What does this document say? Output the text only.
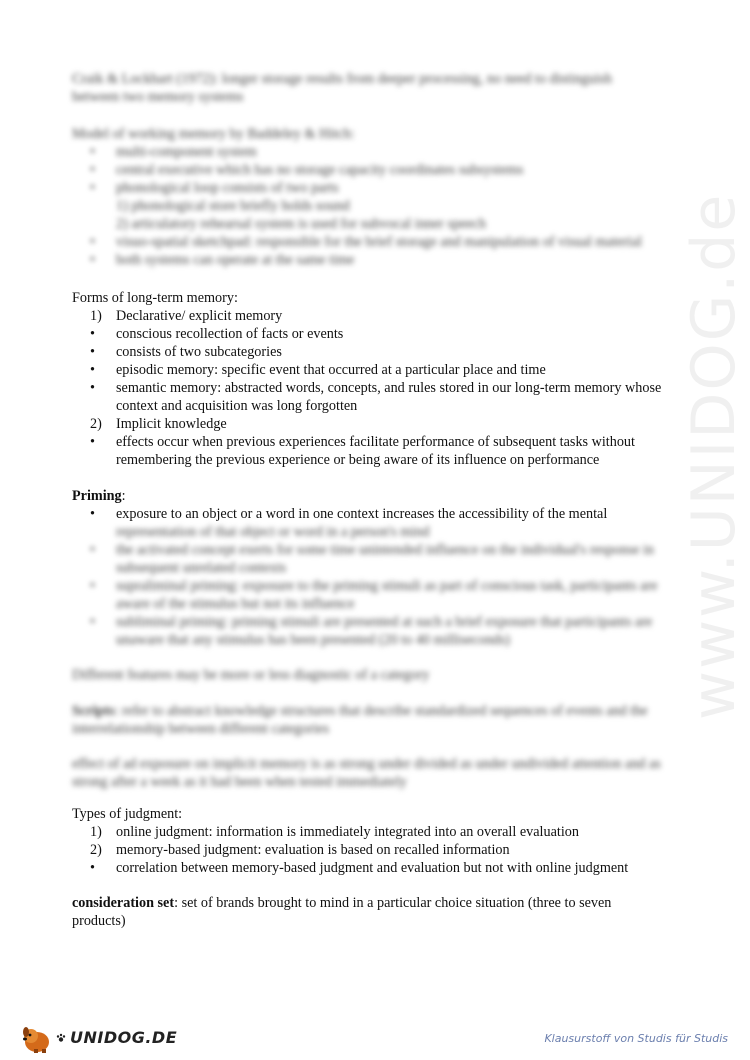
www.UNIDOG.de

Craik & Lockhart (1972): longer storage results from deeper processing, no need to distinguish

between two memory systems

Model of working memory by Baddeley & Hitch:

•	multi-component system
•	central executive which has no storage capacity coordinates subsystems
•	phonological loop consists of two parts
1) phonological store briefly holds sound
2) articulatory rehearsal system is used for subvocal inner speech
•	visuo-spatial sketchpad: responsible for the brief storage and manipulation of visual material
•	both systems can operate at the same time

Forms of long-term memory:

1) Declarative/ explicit memory
•	conscious recollection of facts or events
•	consists of two subcategories
•	episodic memory: specific event that occurred at a particular place and time
•	semantic memory: abstracted words, concepts, and rules stored in our long-term memory whose context and acquisition was long forgotten
2) Implicit knowledge
•	effects occur when previous experiences facilitate performance of subsequent tasks without remembering the previous experience or being aware of its influence on performance

Priming:

•	exposure to an object or a word in one context increases the accessibility of the mental
representation of that object or word in a person's mind
•	the activated concept exerts for some time unintended influence on the individual's response in subsequent unrelated contexts
•	supraliminal priming: exposure to the priming stimuli as part of conscious task, participants are aware of the stimulus but not its influence
•	subliminal priming: priming stimuli are presented at such a brief exposure that participants are unaware that any stimulus has been presented (20 to 40 milliseconds)

Different features may be more or less diagnostic of a category

Scripts: refer to abstract knowledge structures that describe standardized sequences of events and the interrelationship between different categories

effect of ad exposure on implicit memory is as strong under divided as under undivided attention and as strong after a week as it had been when tested immediately

Types of judgment:

1) online judgment: information is immediately integrated into an overall evaluation
2) memory-based judgment: evaluation is based on recalled information
•	correlation between memory-based judgment and evaluation but not with online judgment

consideration set: set of brands brought to mind in a particular choice situation (three to seven products)

UNIDOG.DE	Klausurstoff von Studis für Studis
